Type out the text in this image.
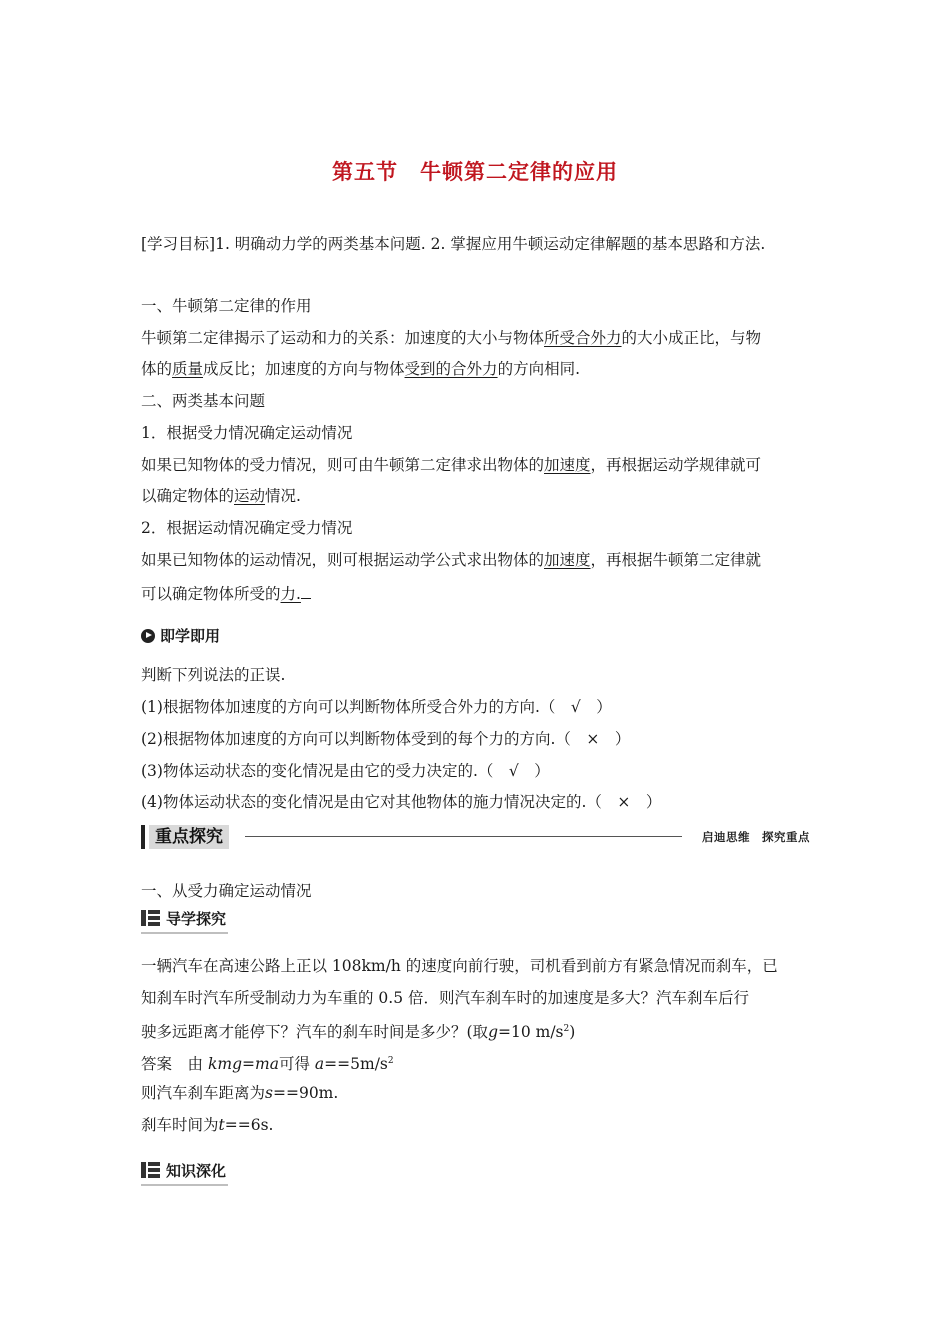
第五节 牛顿第二定律的应用
[学习目标]1. 明确动力学的两类基本问题. 2. 掌握应用牛顿运动定律解题的基本思路和方法.
一、牛顿第二定律的作用
牛顿第二定律揭示了运动和力的关系：加速度的大小与物体所受合外力的大小成正比，与物
体的质量成反比；加速度的方向与物体受到的合外力的方向相同.
二、两类基本问题
1．根据受力情况确定运动情况
如果已知物体的受力情况，则可由牛顿第二定律求出物体的加速度，再根据运动学规律就可
以确定物体的运动情况.
2．根据运动情况确定受力情况
如果已知物体的运动情况，则可根据运动学公式求出物体的加速度，再根据牛顿第二定律就
可以确定物体所受的力.
即学即用
判断下列说法的正误.
(1)根据物体加速度的方向可以判断物体所受合外力的方向.（　√　）
(2)根据物体加速度的方向可以判断物体受到的每个力的方向.（　×　）
(3)物体运动状态的变化情况是由它的受力决定的.（　√　）
(4)物体运动状态的变化情况是由它对其他物体的施力情况决定的.（　×　）
重点探究	启迪思维　探究重点
一、从受力确定运动情况
导学探究
一辆汽车在高速公路上正以 108km/h 的速度向前行驶，司机看到前方有紧急情况而刹车，已
知刹车时汽车所受制动力为车重的 0.5 倍．则汽车刹车时的加速度是多大？汽车刹车后行
驶多远距离才能停下？汽车的刹车时间是多少？(取g=10 $m/s^2$)
答案　 由 kmg=ma可得 $a==5m/s^2$
则汽车刹车距离为s==90m.
刹车时间为t==6s.
知识深化
